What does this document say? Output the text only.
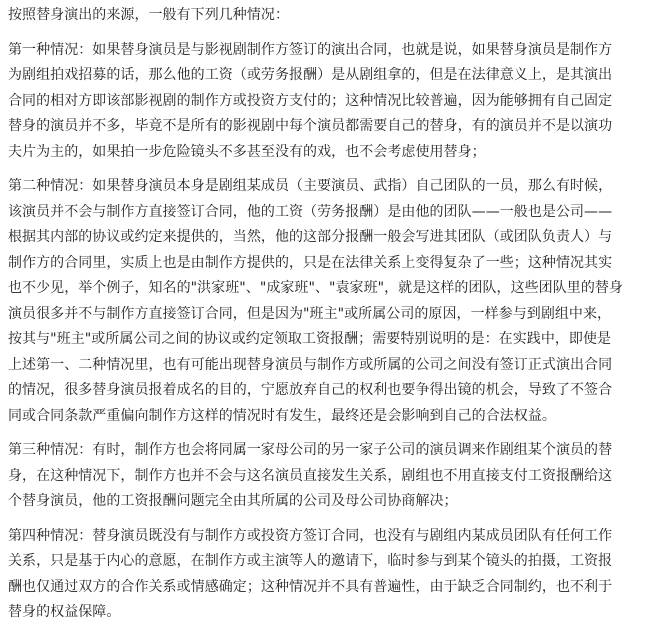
按照替身演出的来源，一般有下列几种情况：
第一种情况：如果替身演员是与影视剧制作方签订的演出合同，也就是说，如果替身演员是制作方
为剧组拍戏招募的话，那么他的工资（或劳务报酬）是从剧组拿的，但是在法律意义上，是其演出
合同的相对方即该部影视剧的制作方或投资方支付的；这种情况比较普遍，因为能够拥有自己固定
替身的演员并不多，毕竟不是所有的影视剧中每个演员都需要自己的替身，有的演员并不是以演功
夫片为主的，如果拍一步危险镜头不多甚至没有的戏，也不会考虑使用替身；
第二种情况：如果替身演员本身是剧组某成员（主要演员、武指）自己团队的一员，那么有时候，
该演员并不会与制作方直接签订合同，他的工资（劳务报酬）是由他的团队——一般也是公司——
根据其内部的协议或约定来提供的，当然，他的这部分报酬一般会写进其团队（或团队负责人）与
制作方的合同里，实质上也是由制作方提供的，只是在法律关系上变得复杂了一些；这种情况其实
也不少见，举个例子，知名的"洪家班"、"成家班"、"袁家班"，就是这样的团队，这些团队里的替身
演员很多并不与制作方直接签订合同，但是因为"班主"或所属公司的原因，一样参与到剧组中来，
按其与"班主"或所属公司之间的协议或约定领取工资报酬；需要特别说明的是：在实践中，即使是
上述第一、二种情况里，也有可能出现替身演员与制作方或所属的公司之间没有签订正式演出合同
的情况，很多替身演员报着成名的目的，宁愿放弃自己的权利也要争得出镜的机会，导致了不签合
同或合同条款严重偏向制作方这样的情况时有发生，最终还是会影响到自己的合法权益。
第三种情况：有时，制作方也会将同属一家母公司的另一家子公司的演员调来作剧组某个演员的替
身，在这种情况下，制作方也并不会与这名演员直接发生关系，剧组也不用直接支付工资报酬给这
个替身演员，他的工资报酬问题完全由其所属的公司及母公司协商解决；
第四种情况：替身演员既没有与制作方或投资方签订合同，也没有与剧组内某成员团队有任何工作
关系，只是基于内心的意愿，在制作方或主演等人的邀请下，临时参与到某个镜头的拍摄，工资报
酬也仅通过双方的合作关系或情感确定；这种情况并不具有普遍性，由于缺乏合同制约，也不利于
替身的权益保障。
